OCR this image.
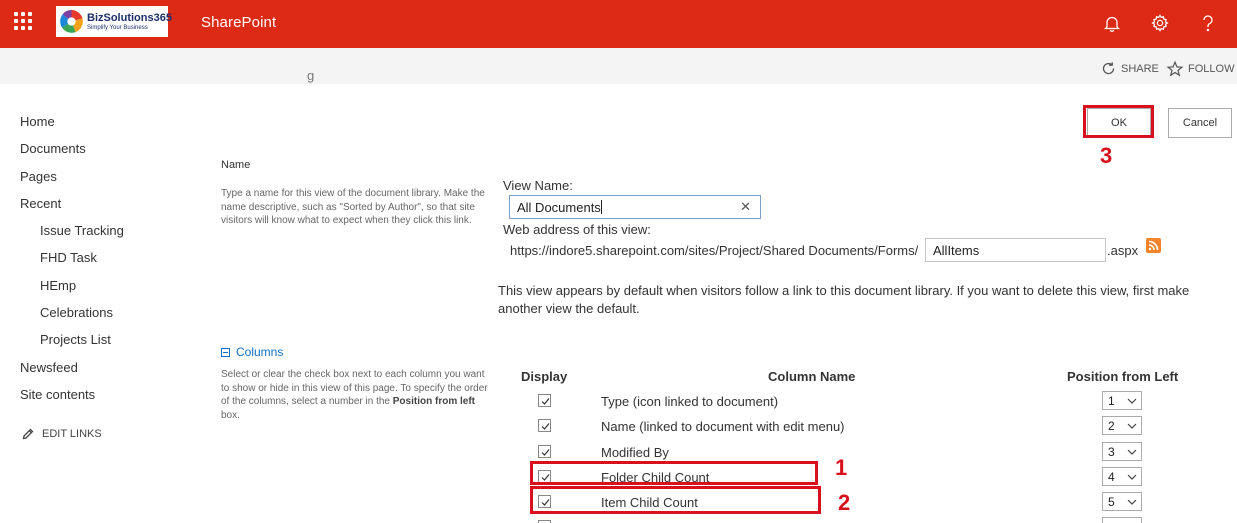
BizSolutions365
Simplify Your Business	SharePoint
SHARE	FOLLOW
g
Home
Documents
Pages
Recent
Issue Tracking
FHD Task
HEmp
Celebrations
Projects List
Newsfeed
Site contents
EDIT LINKS
OK	Cancel
Name
Type a name for this view of the document library. Make the name descriptive, such as "Sorted by Author", so that site visitors will know what to expect when they click this link.
View Name:
All Documents	✕
Web address of this view:
https://indore5.sharepoint.com/sites/Project/Shared Documents/Forms/	AllItems	.aspx
This view appears by default when visitors follow a link to this document library. If you want to delete this view, first make another view the default.
Columns
Select or clear the check box next to each column you want to show or hide in this view of this page. To specify the order of the columns, select a number in the Position from left box.
Display	Column Name	Position from Left
Type (icon linked to document)	1
Name (linked to document with edit menu)	2
Modified By	3
Folder Child Count	4
Item Child Count	5
3
1
2
